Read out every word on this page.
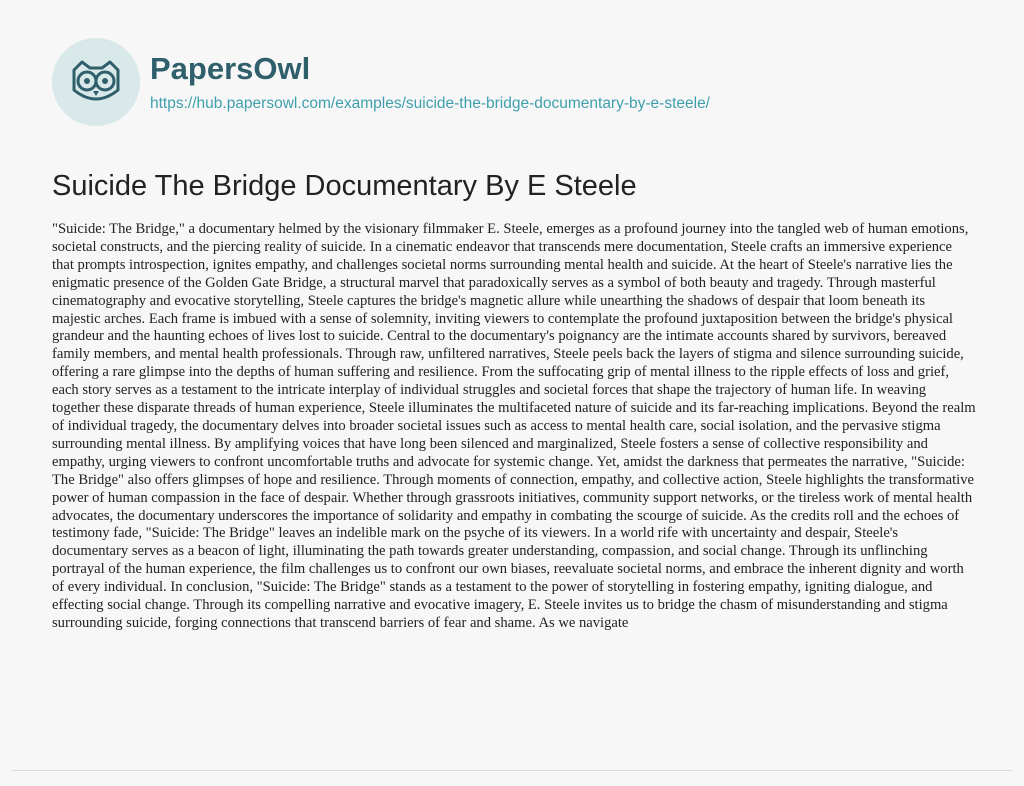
PapersOwl
https://hub.papersowl.com/examples/suicide-the-bridge-documentary-by-e-steele/
Suicide The Bridge Documentary By E Steele

"Suicide: The Bridge," a documentary helmed by the visionary filmmaker E. Steele, emerges as a profound journey into the tangled web of human emotions, societal constructs, and the piercing reality of suicide. In a cinematic endeavor that transcends mere documentation, Steele crafts an immersive experience that prompts introspection, ignites empathy, and challenges societal norms surrounding mental health and suicide. At the heart of Steele's narrative lies the enigmatic presence of the Golden Gate Bridge, a structural marvel that paradoxically serves as a symbol of both beauty and tragedy. Through masterful cinematography and evocative storytelling, Steele captures the bridge's magnetic allure while unearthing the shadows of despair that loom beneath its majestic arches. Each frame is imbued with a sense of solemnity, inviting viewers to contemplate the profound juxtaposition between the bridge's physical grandeur and the haunting echoes of lives lost to suicide. Central to the documentary's poignancy are the intimate accounts shared by survivors, bereaved family members, and mental health professionals. Through raw, unfiltered narratives, Steele peels back the layers of stigma and silence surrounding suicide, offering a rare glimpse into the depths of human suffering and resilience. From the suffocating grip of mental illness to the ripple effects of loss and grief, each story serves as a testament to the intricate interplay of individual struggles and societal forces that shape the trajectory of human life. In weaving together these disparate threads of human experience, Steele illuminates the multifaceted nature of suicide and its far-reaching implications. Beyond the realm of individual tragedy, the documentary delves into broader societal issues such as access to mental health care, social isolation, and the pervasive stigma surrounding mental illness. By amplifying voices that have long been silenced and marginalized, Steele fosters a sense of collective responsibility and empathy, urging viewers to confront uncomfortable truths and advocate for systemic change. Yet, amidst the darkness that permeates the narrative, "Suicide: The Bridge" also offers glimpses of hope and resilience. Through moments of connection, empathy, and collective action, Steele highlights the transformative power of human compassion in the face of despair. Whether through grassroots initiatives, community support networks, or the tireless work of mental health advocates, the documentary underscores the importance of solidarity and empathy in combating the scourge of suicide. As the credits roll and the echoes of testimony fade, "Suicide: The Bridge" leaves an indelible mark on the psyche of its viewers. In a world rife with uncertainty and despair, Steele's documentary serves as a beacon of light, illuminating the path towards greater understanding, compassion, and social change. Through its unflinching portrayal of the human experience, the film challenges us to confront our own biases, reevaluate societal norms, and embrace the inherent dignity and worth of every individual. In conclusion, "Suicide: The Bridge" stands as a testament to the power of storytelling in fostering empathy, igniting dialogue, and effecting social change. Through its compelling narrative and evocative imagery, E. Steele invites us to bridge the chasm of misunderstanding and stigma surrounding suicide, forging connections that transcend barriers of fear and shame. As we navigate
